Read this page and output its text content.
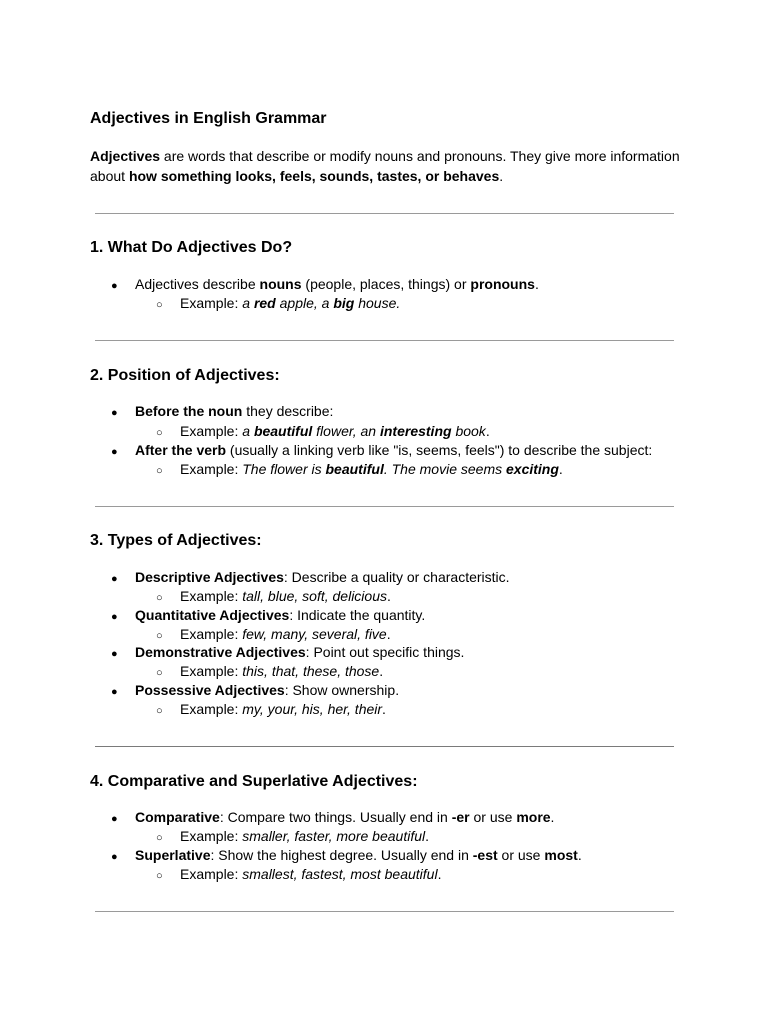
Adjectives in English Grammar
Adjectives are words that describe or modify nouns and pronouns. They give more information about how something looks, feels, sounds, tastes, or behaves.
1. What Do Adjectives Do?
● Adjectives describe nouns (people, places, things) or pronouns.
○ Example: a red apple, a big house.
2. Position of Adjectives:
● Before the noun they describe:
○ Example: a beautiful flower, an interesting book.
● After the verb (usually a linking verb like "is, seems, feels") to describe the subject:
○ Example: The flower is beautiful. The movie seems exciting.
3. Types of Adjectives:
● Descriptive Adjectives: Describe a quality or characteristic.
○ Example: tall, blue, soft, delicious.
● Quantitative Adjectives: Indicate the quantity.
○ Example: few, many, several, five.
● Demonstrative Adjectives: Point out specific things.
○ Example: this, that, these, those.
● Possessive Adjectives: Show ownership.
○ Example: my, your, his, her, their.
4. Comparative and Superlative Adjectives:
● Comparative: Compare two things. Usually end in -er or use more.
○ Example: smaller, faster, more beautiful.
● Superlative: Show the highest degree. Usually end in -est or use most.
○ Example: smallest, fastest, most beautiful.
